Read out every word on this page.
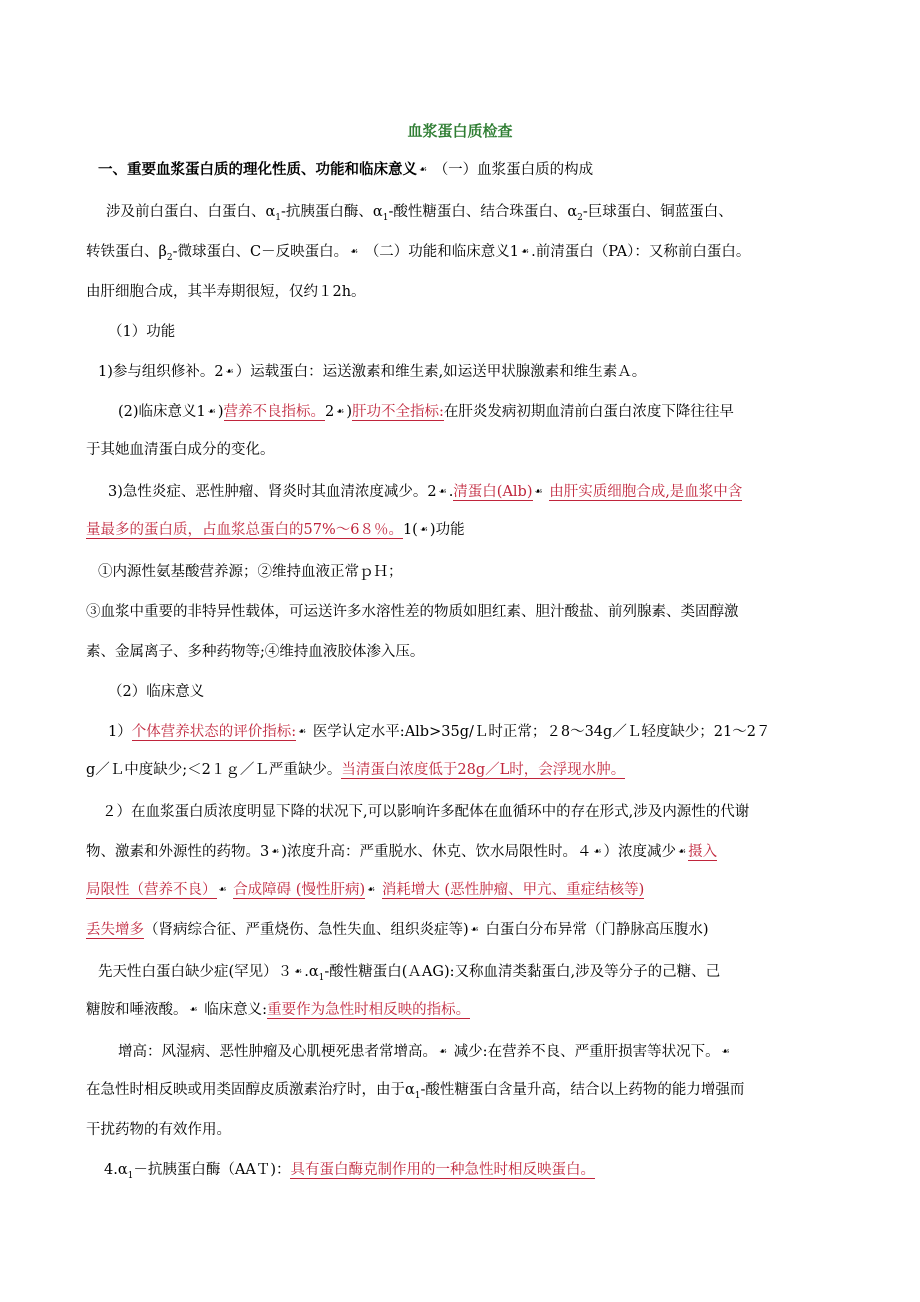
血浆蛋白质检查
一、重要血浆蛋白质的理化性质、功能和临床意义 ☙ （一）血浆蛋白质的构成
涉及前白蛋白、白蛋白、$\alpha_1-$抗胰蛋白酶、$\alpha_1-$酸性糖蛋白、结合珠蛋白、$\alpha_2-$巨球蛋白、铜蓝蛋白、
转铁蛋白、$\beta_2-$微球蛋白、C－反映蛋白。 ☙ （二）功能和临床意义1 ☙ .前清蛋白（PA）：又称前白蛋白。
由肝细胞合成，其半寿期很短，仅约１2h。
（1）功能
1)参与组织修补。2 ☙ ）运载蛋白：运送激素和维生素,如运送甲状腺激素和维生素Ａ。
(2)临床意义1 ☙ )营养不良指标。2 ☙ )肝功不全指标:在肝炎发病初期血清前白蛋白浓度下降往往早
于其她血清蛋白成分的变化。
3)急性炎症、恶性肿瘤、肾炎时其血清浓度减少。2 ☙ .清蛋白(Alb) ☙ 由肝实质细胞合成,是血浆中含
量最多的蛋白质，占血浆总蛋白的57%～6８％。1( ☙ )功能
①内源性氨基酸营养源；②维持血液正常ｐＨ；
③血浆中重要的非特异性载体，可运送许多水溶性差的物质如胆红素、胆汁酸盐、前列腺素、类固醇激
素、金属离子、多种药物等;④维持血液胶体渗入压。
（2）临床意义
1）个体营养状态的评价指标: ☙ 医学认定水平:Alb>35g/Ｌ时正常；２8～34g／Ｌ轻度缺少；21～2７
g／Ｌ中度缺少;＜2１ｇ／Ｌ严重缺少。当清蛋白浓度低于28g／L时，会浮现水肿。
２）在血浆蛋白质浓度明显下降的状况下,可以影响许多配体在血循环中的存在形式,涉及内源性的代谢
物、激素和外源性的药物。3 ☙ )浓度升高：严重脱水、休克、饮水局限性时。４ ☙ ）浓度减少 ☙ 摄入
局限性（营养不良） ☙ 合成障碍 (慢性肝病) ☙ 消耗增大 (恶性肿瘤、甲亢、重症结核等)
丢失增多（肾病综合征、严重烧伤、急性失血、组织炎症等) ☙ 白蛋白分布异常（门静脉高压腹水)
先天性白蛋白缺少症(罕见）３ ☙ $.\alpha_1-$酸性糖蛋白(ＡAG):又称血清类黏蛋白,涉及等分子的己糖、己
糖胺和唾液酸。 ☙ 临床意义:重要作为急性时相反映的指标。
增高：风湿病、恶性肿瘤及心肌梗死患者常增高。 ☙ 减少:在营养不良、严重肝损害等状况下。 ☙
在急性时相反映或用类固醇皮质激素治疗时，由于$\alpha_1-$酸性糖蛋白含量升高，结合以上药物的能力增强而
干扰药物的有效作用。
$4.\alpha_1-$抗胰蛋白酶（AAＴ)：具有蛋白酶克制作用的一种急性时相反映蛋白。
